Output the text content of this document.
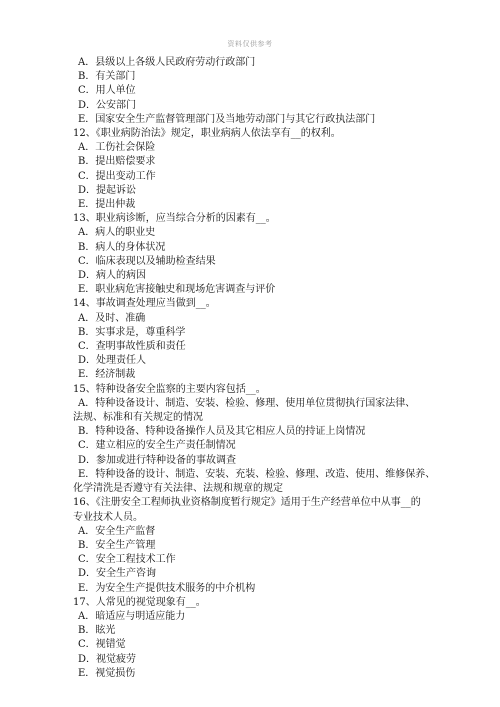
资料仅供参考
A．县级以上各级人民政府劳动行政部门
B．有关部门
C．用人单位
D．公安部门
E．国家安全生产监督管理部门及当地劳动部门与其它行政执法部门
12、《职业病防治法》规定，职业病病人依法享有__的权利。
A．工伤社会保险
B．提出赔偿要求
C．提出变动工作
D．提起诉讼
E．提出仲裁
13、职业病诊断，应当综合分析的因素有__。
A．病人的职业史
B．病人的身体状况
C．临床表现以及辅助检查结果
D．病人的病因
E．职业病危害接触史和现场危害调查与评价
14、事故调查处理应当做到__。
A．及时、准确
B．实事求是，尊重科学
C．查明事故性质和责任
D．处理责任人
E．经济制裁
15、特种设备安全监察的主要内容包括__。
A．特种设备设计、制造、安装、检验、修理、使用单位贯彻执行国家法律、
法规、标准和有关规定的情况
B．特种设备、特种设备操作人员及其它相应人员的持证上岗情况
C．建立相应的安全生产责任制情况
D．参加或进行特种设备的事故调查
E．特种设备的设计、制造、安装、充装、检验、修理、改造、使用、维修保养、
化学清洗是否遵守有关法律、法规和规章的规定
16、《注册安全工程师执业资格制度暂行规定》适用于生产经营单位中从事__的
专业技术人员。
A．安全生产监督
B．安全生产管理
C．安全工程技术工作
D．安全生产咨询
E．为安全生产提供技术服务的中介机构
17、人常见的视觉现象有__。
A．暗适应与明适应能力
B．眩光
C．视错觉
D．视觉疲劳
E．视觉损伤
